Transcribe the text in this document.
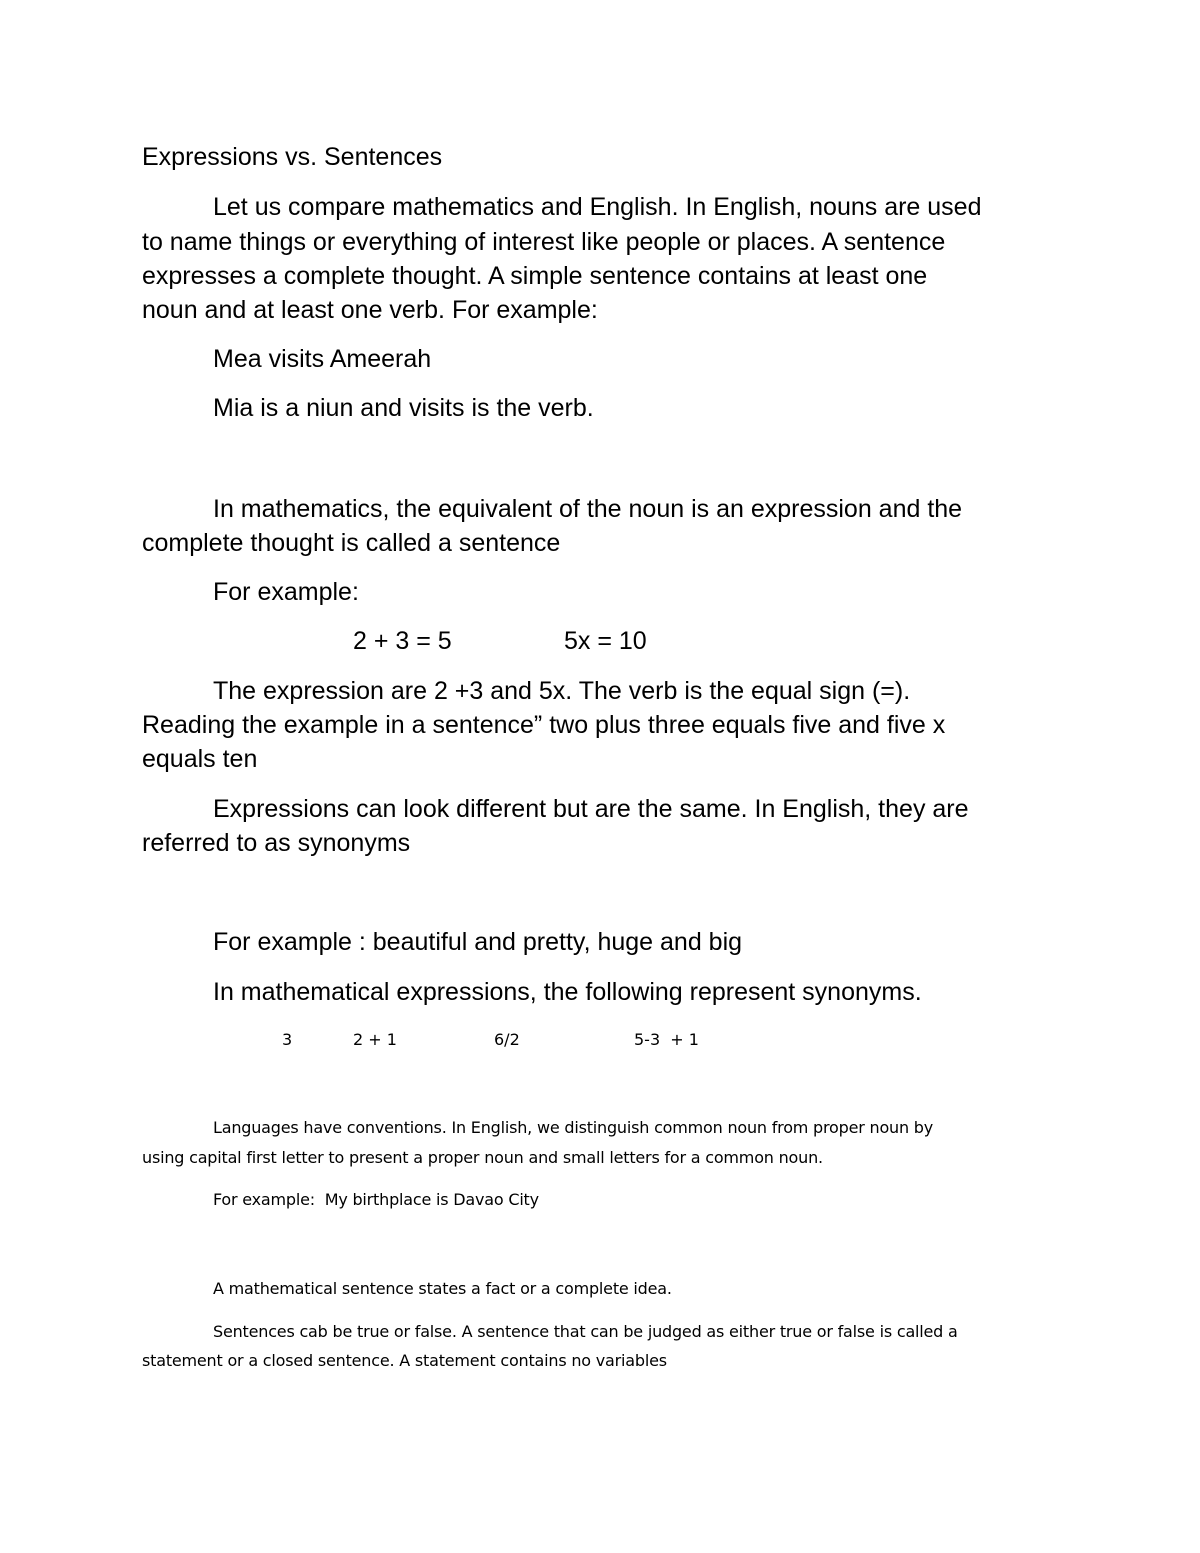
Expressions vs. Sentences

Let us compare mathematics and English. In English, nouns are used

to name things or everything of interest like people or places. A sentence

expresses a complete thought. A simple sentence contains at least one

noun and at least one verb. For example:

Mea visits Ameerah

Mia is a niun and visits is the verb.

In mathematics, the equivalent of the noun is an expression and the

complete thought is called a sentence

For example:

2 + 3 = 5	5x = 10

The expression are 2 +3 and 5x. The verb is the equal sign (=).

Reading the example in a sentence” two plus three equals five and five x

equals ten

Expressions can look different but are the same. In English, they are

referred to as synonyms

For example : beautiful and pretty, huge and big

In mathematical expressions, the following represent synonyms.

3	2 + 1	6/2	5-3  + 1

Languages have conventions. In English, we distinguish common noun from proper noun by

using capital first letter to present a proper noun and small letters for a common noun.

For example:  My birthplace is Davao City

A mathematical sentence states a fact or a complete idea.

Sentences cab be true or false. A sentence that can be judged as either true or false is called a

statement or a closed sentence. A statement contains no variables
